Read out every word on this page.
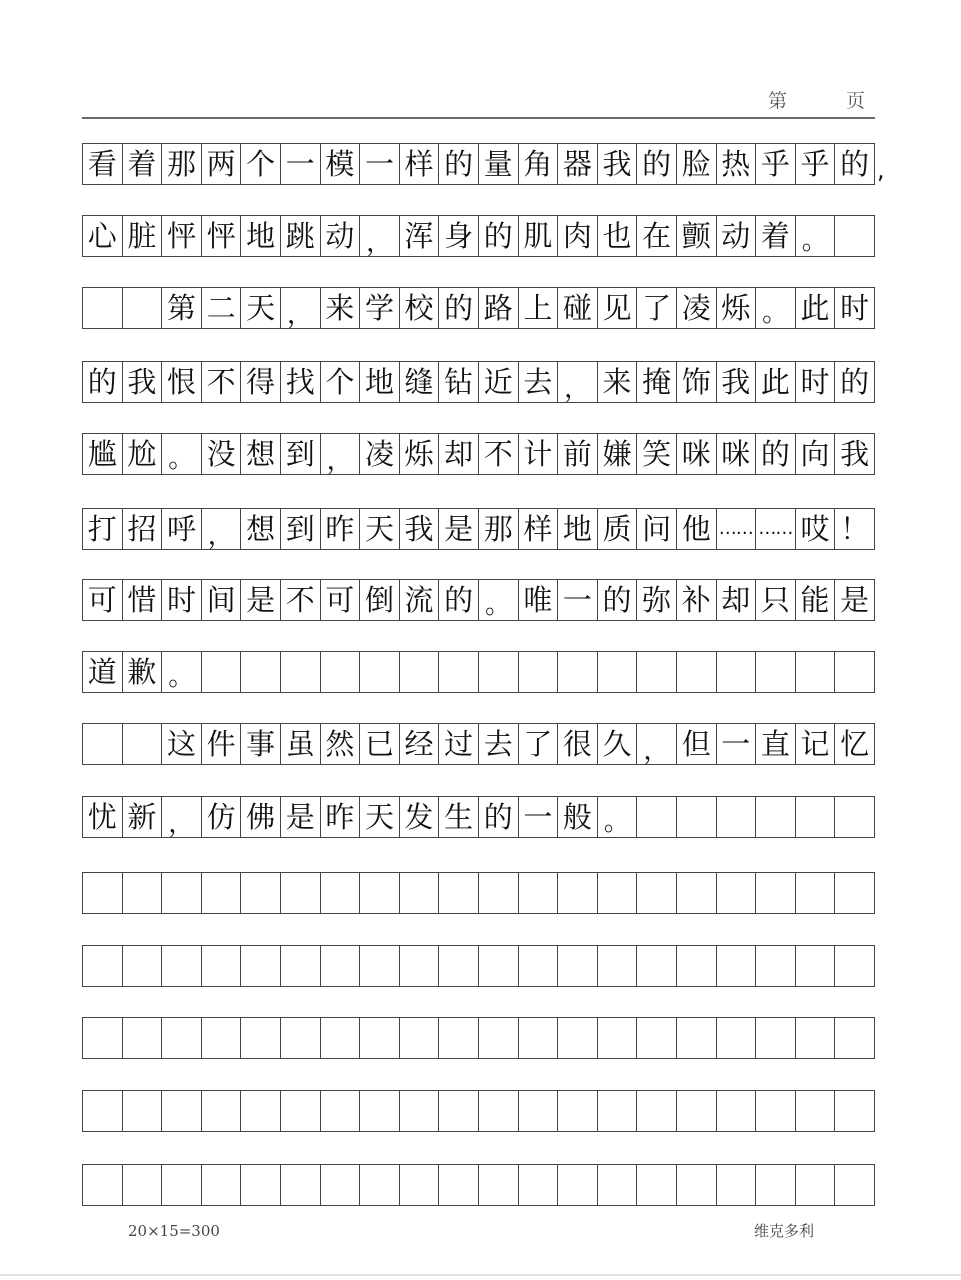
第	页
看 着 那 两 个 一 模 一 样 的 量 角 器 我 的 脸 热 乎 乎 的 ,
心 脏 怦 怦 地 跳 动 ， 浑 身 的 肌 肉 也 在 颤 动 着 。
第 二 天 ， 来 学 校 的 路 上 碰 见 了 凌 烁 。 此 时
的 我 恨 不 得 找 个 地 缝 钻 近 去 ， 来 掩 饰 我 此 时 的
尴 尬 。 没 想 到 ， 凌 烁 却 不 计 前 嫌 笑 咪 咪 的 向 我
打 招 呼 ， 想 到 昨 天 我 是 那 样 地 质 问 他 …… …… 哎 ！
可 惜 时 间 是 不 可 倒 流 的 。 唯 一 的 弥 补 却 只 能 是
道 歉 。
这 件 事 虽 然 已 经 过 去 了 很 久 ， 但 一 直 记 忆
忧 新 ， 仿 佛 是 昨 天 发 生 的 一 般 。
20×15=300	维克多利
